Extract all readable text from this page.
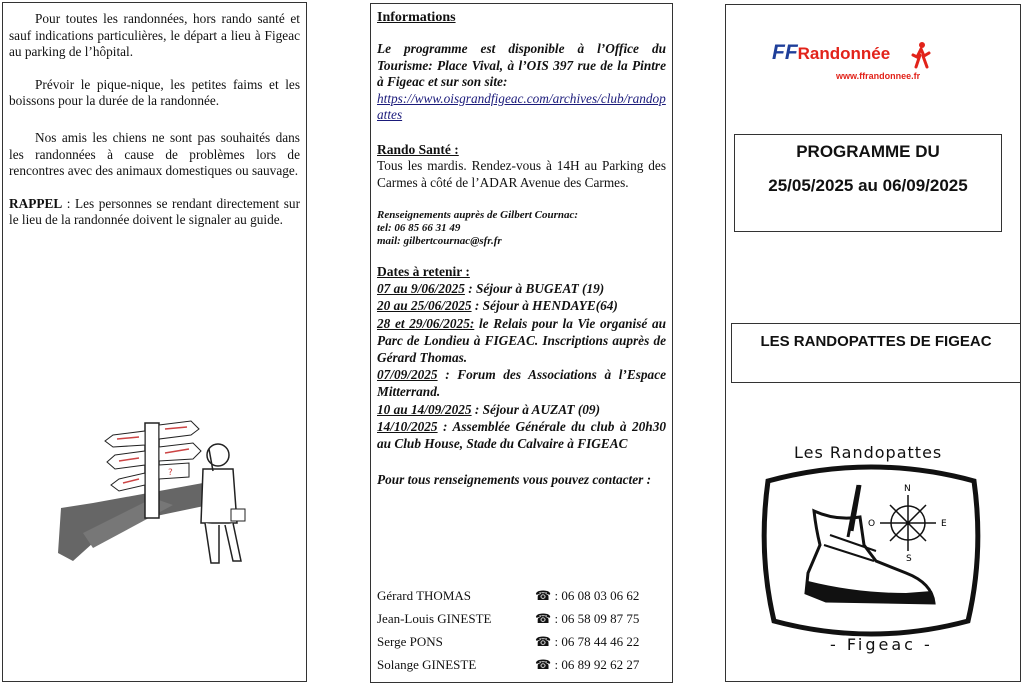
Pour toutes les randonnées, hors rando santé et sauf indications particulières, le départ a lieu à Figeac au parking de l’hôpital.

Prévoir le pique-nique, les petites faims et les boissons pour la durée de la randonnée.

Nos amis les chiens ne sont pas souhaités dans les randonnées à cause de problèmes lors de rencontres avec des animaux domestiques ou sauvage.

RAPPEL : Les personnes se rendant directement sur le lieu de la randonnée doivent le signaler au guide.

?
Informations

Le programme est disponible à l’Office du Tourisme: Place Vival, à l’OIS 397 rue de la Pintre à Figeac et sur son site:
https://www.oisgrandfigeac.com/archives/club/randopattes

Rando Santé :

Tous les mardis. Rendez-vous à 14H au Parking des Carmes à côté de l’ADAR Avenue des Carmes.

Renseignements auprès de Gilbert Cournac:
tel: 06 85 66 31 49
mail: gilbertcournac@sfr.fr
Dates à retenir :

07 au 9/06/2025 : Séjour à BUGEAT (19)

20 au 25/06/2025 : Séjour à HENDAYE(64)

28 et 29/06/2025: le Relais pour la Vie organisé au Parc de Londieu à FIGEAC. Inscriptions auprès de Gérard Thomas.

07/09/2025 : Forum des Associations à l’Espace Mitterrand.

10 au 14/09/2025 : Séjour à AUZAT (09)

14/10/2025 : Assemblée Générale du club à 20h30 au Club House, Stade du Calvaire à FIGEAC

Pour tous renseignements vous pouvez contacter :

Gérard THOMAS	☎ : 06 08 03 06 62
Jean-Louis GINESTE	☎ : 06 58 09 87 75
Serge PONS	☎ : 06 78 44 46 22
Solange GINESTE	☎ : 06 89 92 62 27
FFRandonnée
www.ffrandonnee.fr
PROGRAMME DU
25/05/2025 au 06/09/2025
LES RANDOPATTES DE FIGEAC
Les Randopattes
N
S
E
O
- Figeac -
